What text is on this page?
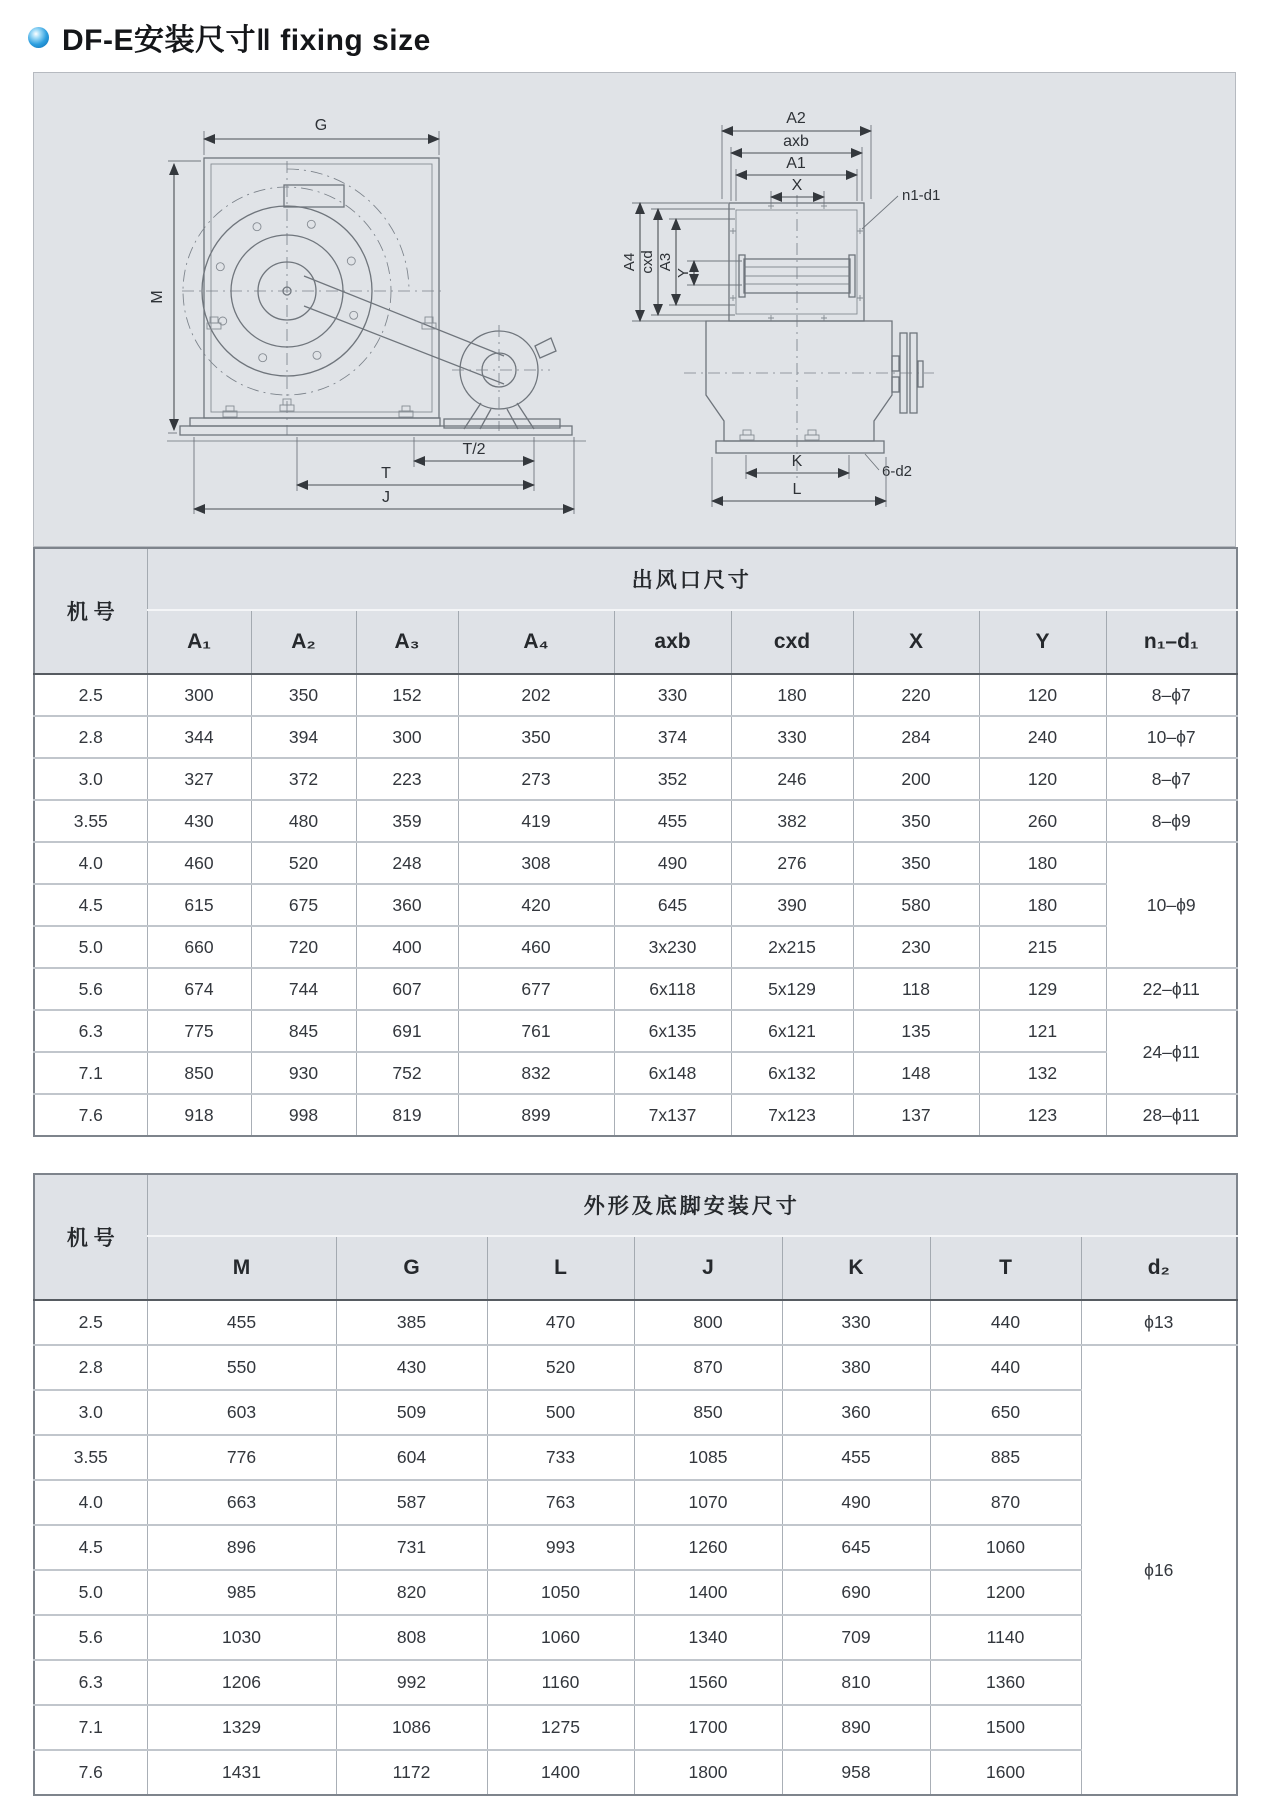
DF-E安装尺寸‖ fixing size
G
M
T/2
T
J
A2
axb
A1
X
n1-d1
A4 cxd A3
Y
K
6-d2
L
机 号	出风口尺寸								
	A₁	A₂	A₃	A₄	axb	cxd	X	Y	n₁–d₁
2.5	300	350	152	202	330	180	220	120	8–ϕ7
2.8	344	394	300	350	374	330	284	240	10–ϕ7
3.0	327	372	223	273	352	246	200	120	8–ϕ7
3.55	430	480	359	419	455	382	350	260	8–ϕ9
4.0	460	520	248	308	490	276	350	180	10–ϕ9
4.5	615	675	360	420	645	390	580	180	
5.0	660	720	400	460	3x230	2x215	230	215	
5.6	674	744	607	677	6x118	5x129	118	129	22–ϕ11
6.3	775	845	691	761	6x135	6x121	135	121	24–ϕ11
7.1	850	930	752	832	6x148	6x132	148	132	
7.6	918	998	819	899	7x137	7x123	137	123	28–ϕ11
机 号	外形及底脚安装尺寸						
	M	G	L	J	K	T	d₂
2.5	455	385	470	800	330	440	ϕ13
2.8	550	430	520	870	380	440	ϕ16
3.0	603	509	500	850	360	650	
3.55	776	604	733	1085	455	885	
4.0	663	587	763	1070	490	870	
4.5	896	731	993	1260	645	1060	
5.0	985	820	1050	1400	690	1200	
5.6	1030	808	1060	1340	709	1140	
6.3	1206	992	1160	1560	810	1360	
7.1	1329	1086	1275	1700	890	1500	
7.6	1431	1172	1400	1800	958	1600	
